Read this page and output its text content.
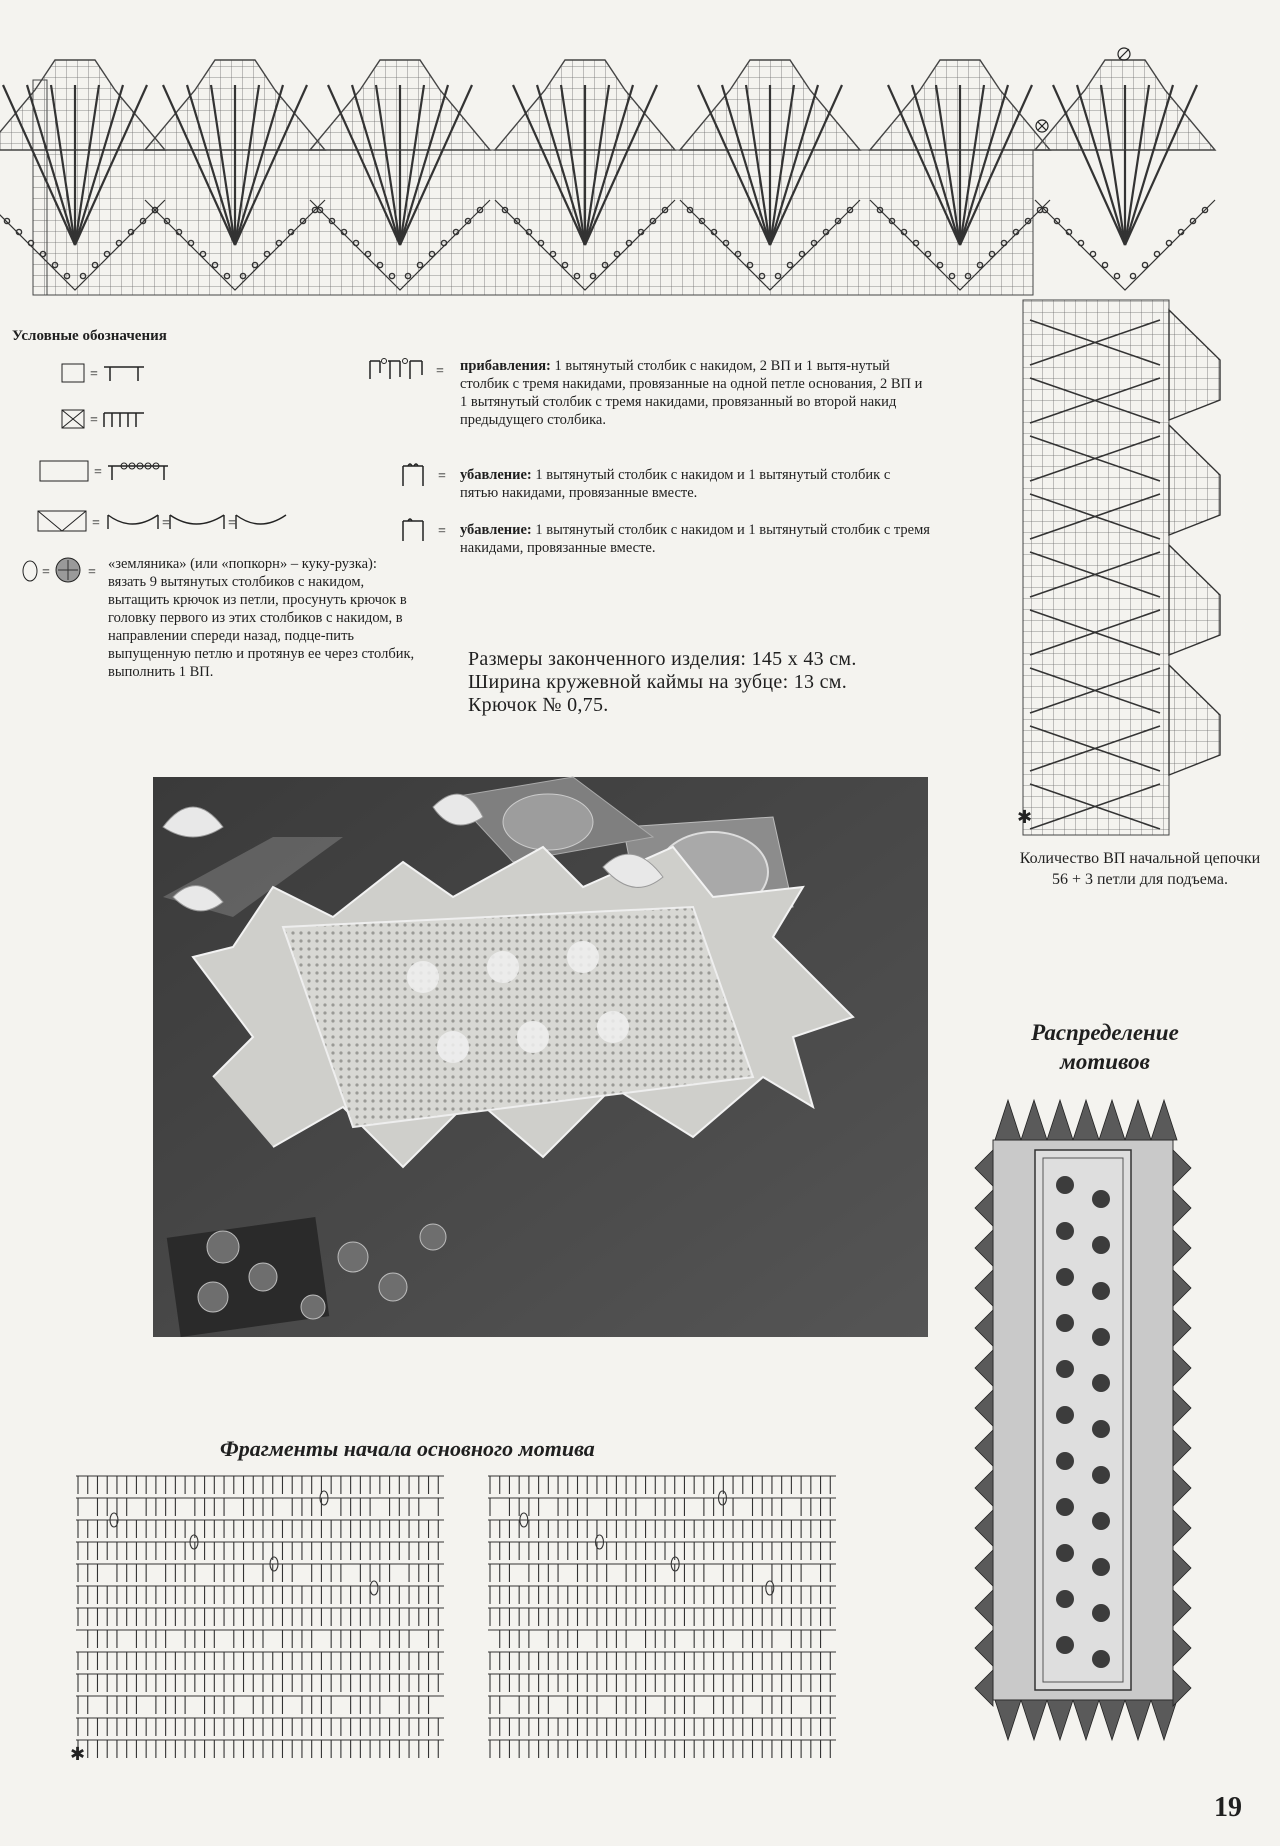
✱
Условные обозначения
=
=
=
=	=	=
=	=
«земляника» (или «попкорн» – куку-рузка): вязать 9 вытянутых столбиков с накидом, вытащить крючок из петли, просунуть крючок в головку первого из этих столбиков с накидом, в направлении спереди назад, подце-пить выпущенную петлю и протянув ее через столбик, выполнить 1 ВП.
= прибавления: 1 вытянутый столбик с накидом, 2 ВП и 1 вытя-нутый столбик с тремя накидами, провязанные на одной петле основания, 2 ВП и 1 вытянутый столбик с тремя накидами, провязанный во второй накид предыдущего столбика.
= убавление: 1 вытянутый столбик с накидом и 1 вытянутый столбик с пятью накидами, провязанные вместе.
= убавление: 1 вытянутый столбик с накидом и 1 вытянутый столбик с тремя накидами, провязанные вместе.
Размеры законченного изделия: 145 х 43 см.
Ширина кружевной каймы на зубце: 13 см.
Крючок № 0,75.
Количество ВП начальной цепочки 56 + 3 петли для подъема.
Распределение мотивов
Фрагменты начала основного мотива
✱
19
